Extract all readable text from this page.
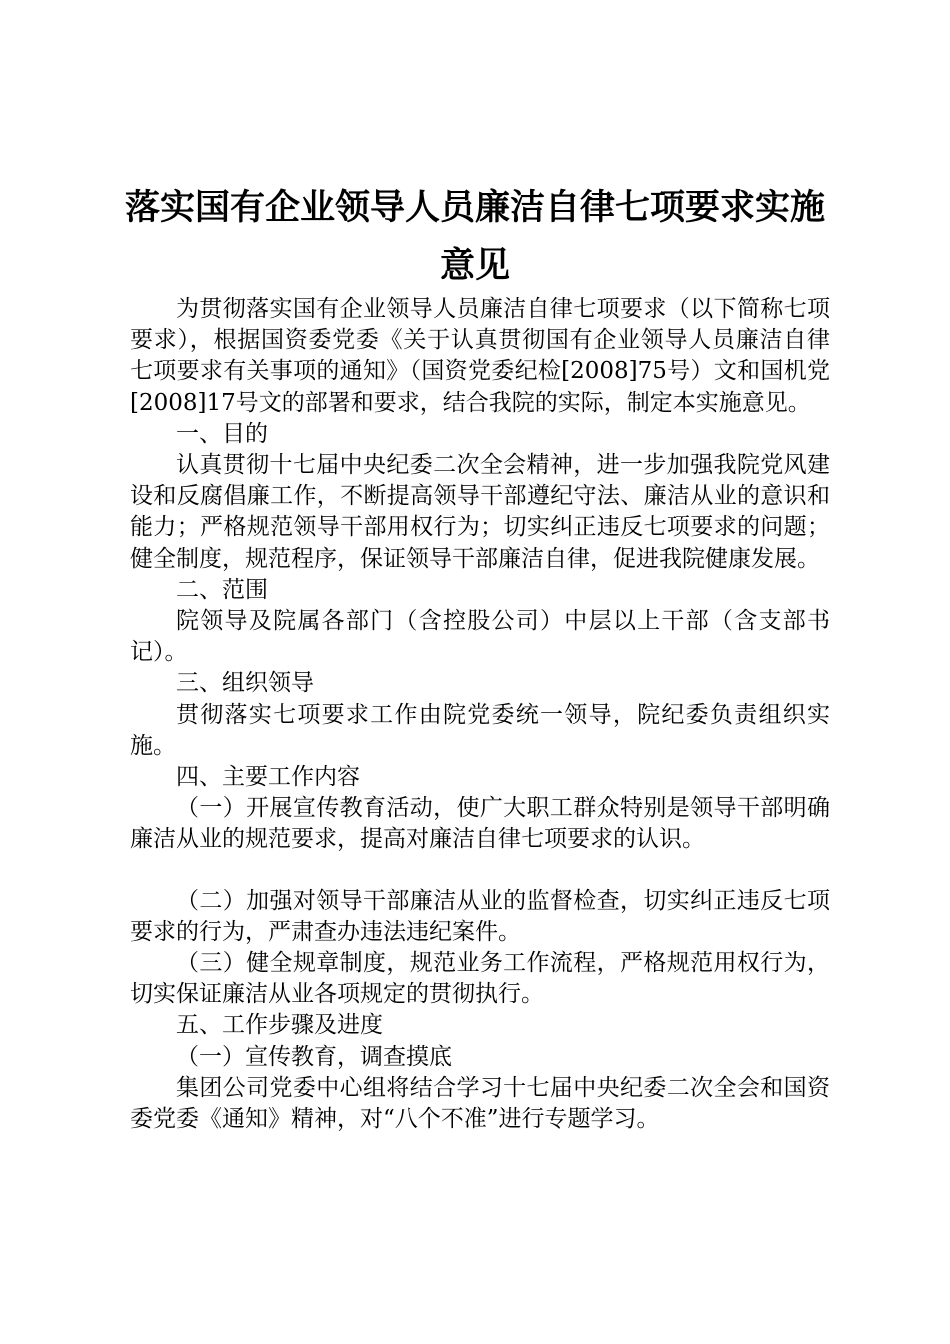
落实国有企业领导人员廉洁自律七项要求实施
意见

为贯彻落实国有企业领导人员廉洁自律七项要求（以下简称七项要求），根据国资委党委《关于认真贯彻国有企业领导人员廉洁自律七项要求有关事项的通知》（国资党委纪检[2008]75号）文和国机党[2008]17号文的部署和要求，结合我院的实际，制定本实施意见。

一、目的

认真贯彻十七届中央纪委二次全会精神，进一步加强我院党风建设和反腐倡廉工作，不断提高领导干部遵纪守法、廉洁从业的意识和能力；严格规范领导干部用权行为；切实纠正违反七项要求的问题；健全制度，规范程序，保证领导干部廉洁自律，促进我院健康发展。

二、范围

院领导及院属各部门（含控股公司）中层以上干部（含支部书记）。

三、组织领导

贯彻落实七项要求工作由院党委统一领导，院纪委负责组织实施。

四、主要工作内容

（一）开展宣传教育活动，使广大职工群众特别是领导干部明确廉洁从业的规范要求，提高对廉洁自律七项要求的认识。

（二）加强对领导干部廉洁从业的监督检查，切实纠正违反七项要求的行为，严肃查办违法违纪案件。

（三）健全规章制度，规范业务工作流程，严格规范用权行为，切实保证廉洁从业各项规定的贯彻执行。

五、工作步骤及进度

（一）宣传教育，调查摸底

集团公司党委中心组将结合学习十七届中央纪委二次全会和国资委党委《通知》精神，对“八个不准”进行专题学习。
